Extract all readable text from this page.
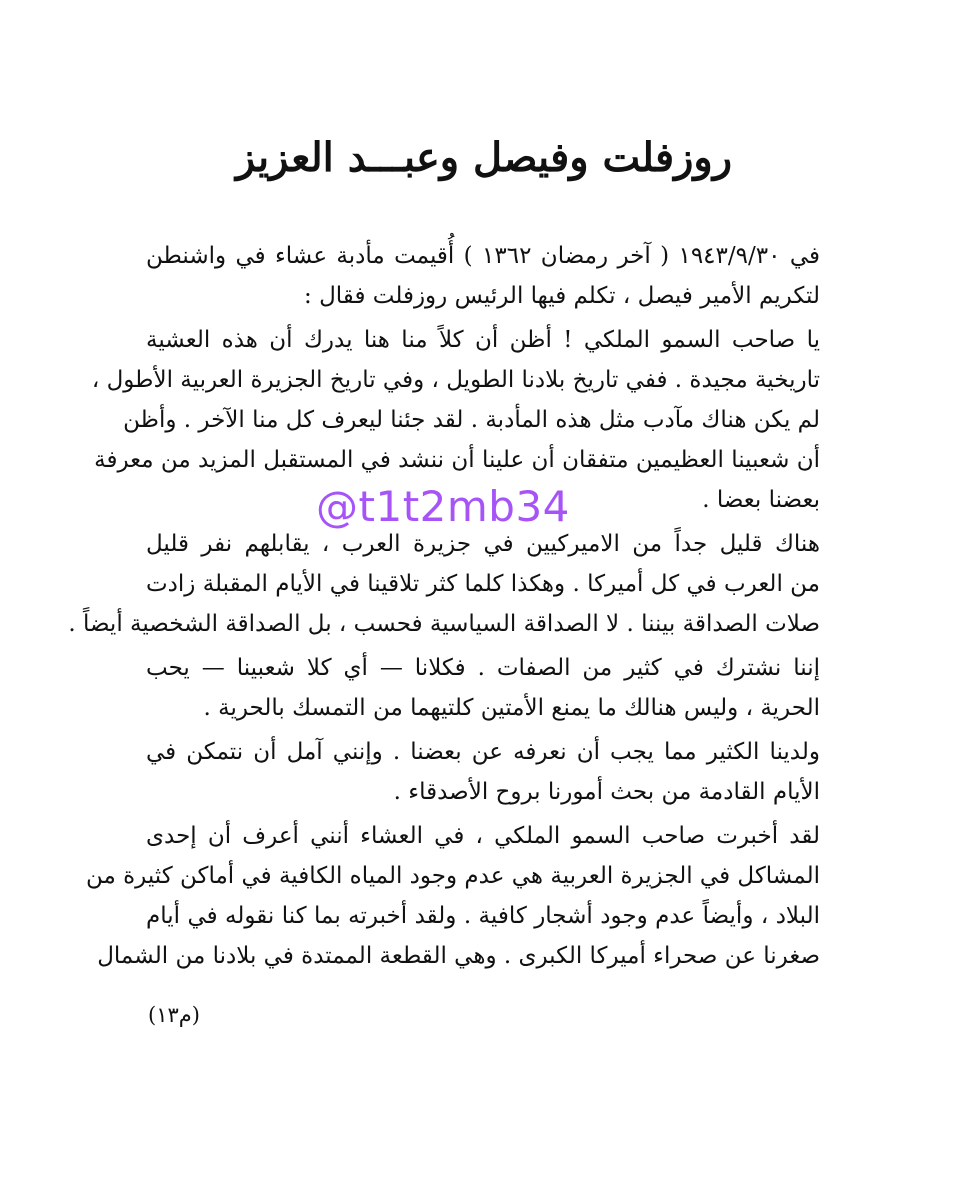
روزفلت وفيصل وعبـــد العزيز
في ١٩٤٣/٩/٣٠ ( آخر رمضان ١٣٦٢ ) أُقيمت مأدبة عشاء في واشنطن
لتكريم الأمير فيصل ، تكلم فيها الرئيس روزفلت فقال :
يا صاحب السمو الملكي ! أظن أن كلاً منا هنا يدرك أن هذه العشية
تاريخية مجيدة . ففي تاريخ بلادنا الطويل ، وفي تاريخ الجزيرة العربية الأطول ،
لم يكن هناك مآدب مثل هذه المأدبة . لقد جئنا ليعرف كل منا الآخر . وأظن
أن شعبينا العظيمين متفقان أن علينا أن ننشد في المستقبل المزيد من معرفة
بعضنا بعضا .
هناك قليل جداً من الاميركيين في جزيرة العرب ، يقابلهم نفر قليل
من العرب في كل أميركا . وهكذا كلما كثر تلاقينا في الأيام المقبلة زادت
صلات الصداقة بيننا . لا الصداقة السياسية فحسب ، بل الصداقة الشخصية أيضاً .
إننا نشترك في كثير من الصفات . فكلانا — أي كلا شعبينا — يحب
الحرية ، وليس هنالك ما يمنع الأمتين كلتيهما من التمسك بالحرية .
ولدينا الكثير مما يجب أن نعرفه عن بعضنا . وإنني آمل أن نتمكن في
الأيام القادمة من بحث أمورنا بروح الأصدقاء .
لقد أخبرت صاحب السمو الملكي ، في العشاء أنني أعرف أن إحدى
المشاكل في الجزيرة العربية هي عدم وجود المياه الكافية في أماكن كثيرة من
البلاد ، وأيضاً عدم وجود أشجار كافية . ولقد أخبرته بما كنا نقوله في أيام
صغرنا عن صحراء أميركا الكبرى . وهي القطعة الممتدة في بلادنا من الشمال
(م١٣)
@t1t2mb34
